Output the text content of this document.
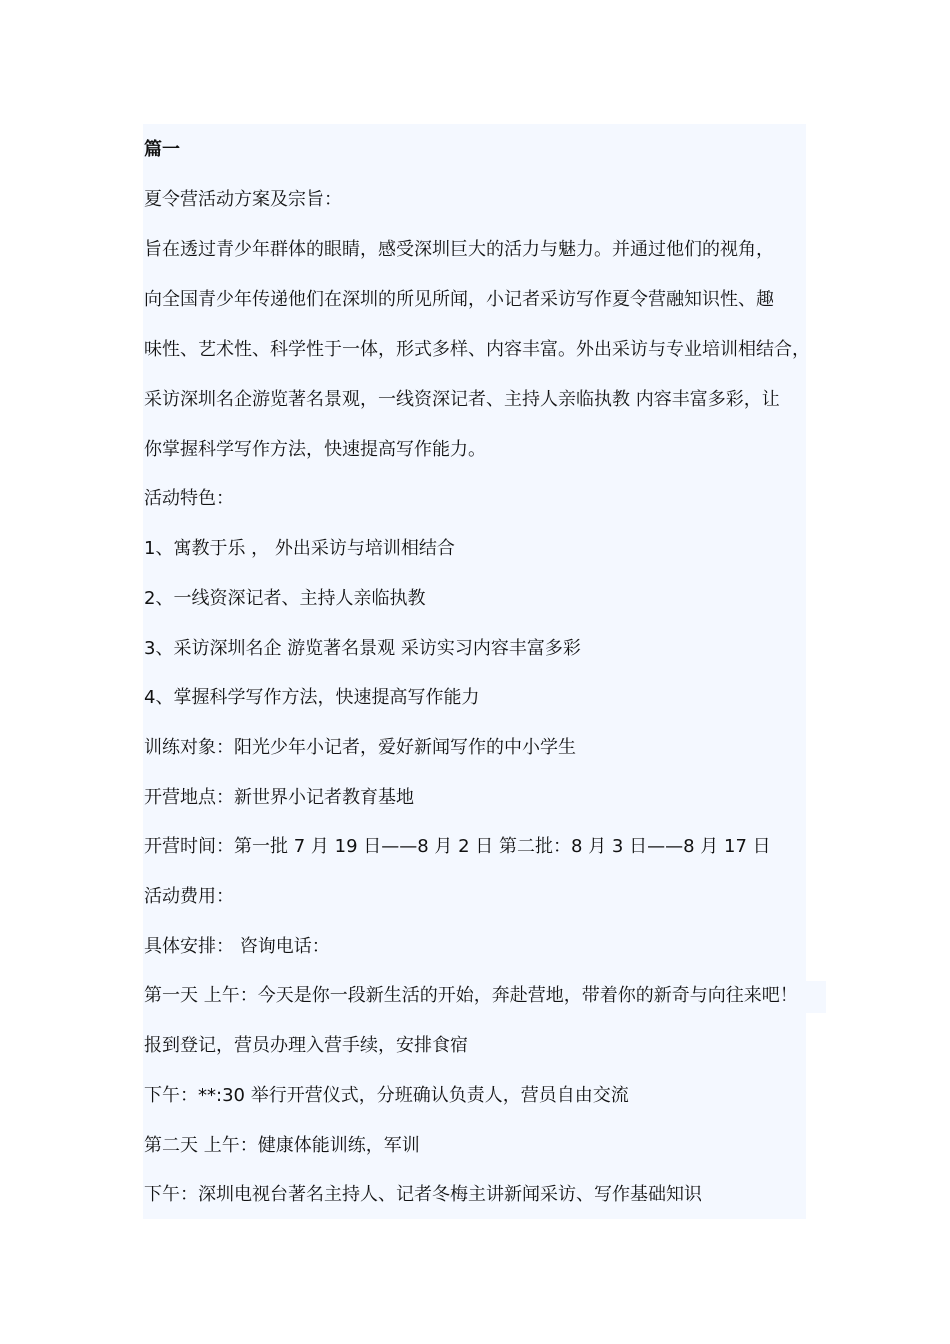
篇一
夏令营活动方案及宗旨：
旨在透过青少年群体的眼睛，感受深圳巨大的活力与魅力。并通过他们的视角，
向全国青少年传递他们在深圳的所见所闻，小记者采访写作夏令营融知识性、趣
味性、艺术性、科学性于一体，形式多样、内容丰富。外出采访与专业培训相结合，
采访深圳名企游览著名景观，一线资深记者、主持人亲临执教 内容丰富多彩，让
你掌握科学写作方法，快速提高写作能力。
活动特色：
1、寓教于乐 ， 外出采访与培训相结合
2、一线资深记者、主持人亲临执教
3、采访深圳名企 游览著名景观 采访实习内容丰富多彩
4、掌握科学写作方法，快速提高写作能力
训练对象：阳光少年小记者，爱好新闻写作的中小学生
开营地点：新世界小记者教育基地
开营时间：第一批 7 月 19 日——8 月 2 日 第二批：8 月 3 日——8 月 17 日
活动费用：
具体安排： 咨询电话：
第一天 上午：今天是你一段新生活的开始，奔赴营地，带着你的新奇与向往来吧！
报到登记，营员办理入营手续，安排食宿
下午：**:30 举行开营仪式，分班确认负责人，营员自由交流
第二天 上午：健康体能训练，军训
下午：深圳电视台著名主持人、记者冬梅主讲新闻采访、写作基础知识
